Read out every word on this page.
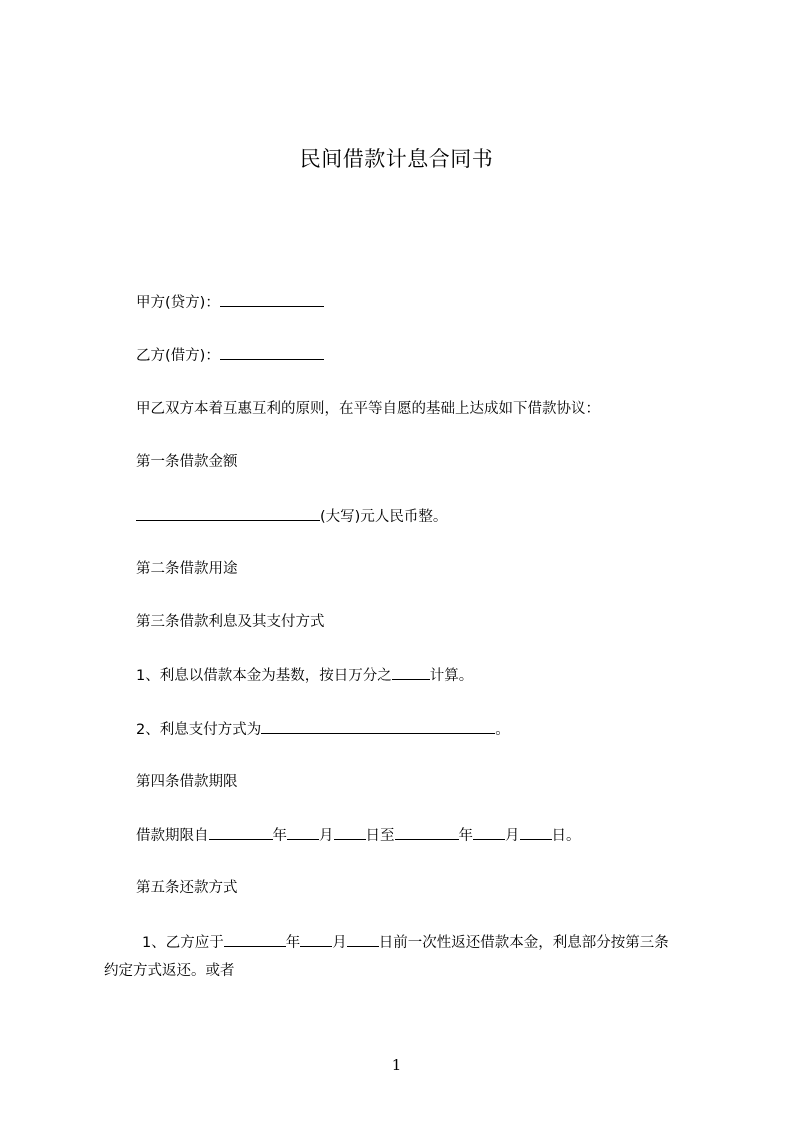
民间借款计息合同书
甲方(贷方)：
乙方(借方)：
甲乙双方本着互惠互利的原则，在平等自愿的基础上达成如下借款协议：
第一条借款金额
(大写)元人民币整。
第二条借款用途
第三条借款利息及其支付方式
1、利息以借款本金为基数，按日万分之	计算。
2、利息支付方式为	。
第四条借款期限
借款期限自	年 月 日至	年 月 日。
第五条还款方式
1、乙方应于	年 月 日前一次性返还借款本金，利息部分按第三条
约定方式返还。或者
1
